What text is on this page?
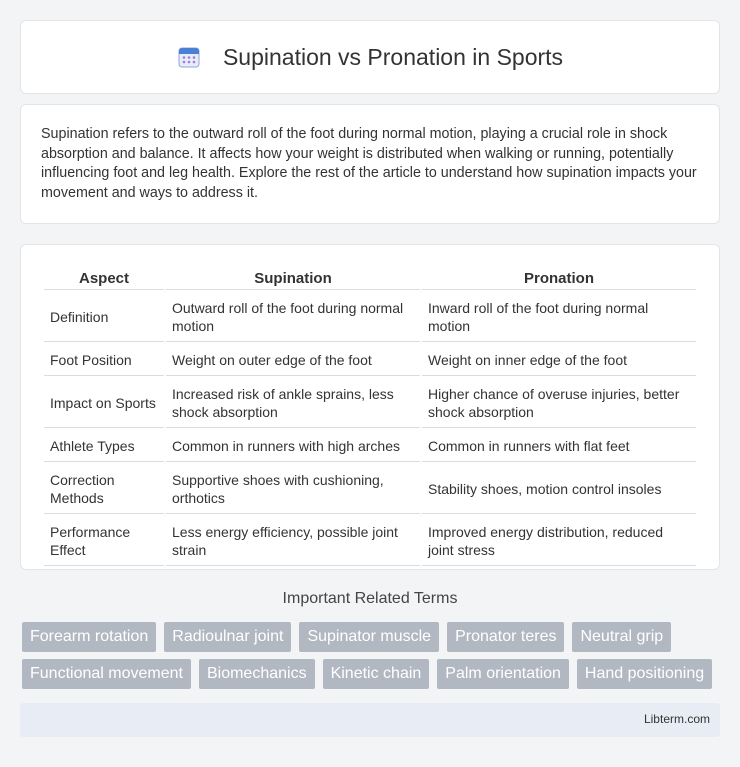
Supination vs Pronation in Sports

Supination refers to the outward roll of the foot during normal motion, playing a crucial role in shock absorption and balance. It affects how your weight is distributed when walking or running, potentially influencing foot and leg health. Explore the rest of the article to understand how supination impacts your movement and ways to address it.

Aspect	Supination	Pronation
Definition	Outward roll of the foot during normal motion	Inward roll of the foot during normal motion
Foot Position	Weight on outer edge of the foot	Weight on inner edge of the foot
Impact on Sports	Increased risk of ankle sprains, less shock absorption	Higher chance of overuse injuries, better shock absorption
Athlete Types	Common in runners with high arches	Common in runners with flat feet
Correction Methods	Supportive shoes with cushioning, orthotics	Stability shoes, motion control insoles
Performance Effect	Less energy efficiency, possible joint strain	Improved energy distribution, reduced joint stress
Important Related Terms
Forearm rotation	Radioulnar joint	Supinator muscle	Pronator teres	Neutral grip
Functional movement	Biomechanics	Kinetic chain	Palm orientation	Hand positioning
Libterm.com
